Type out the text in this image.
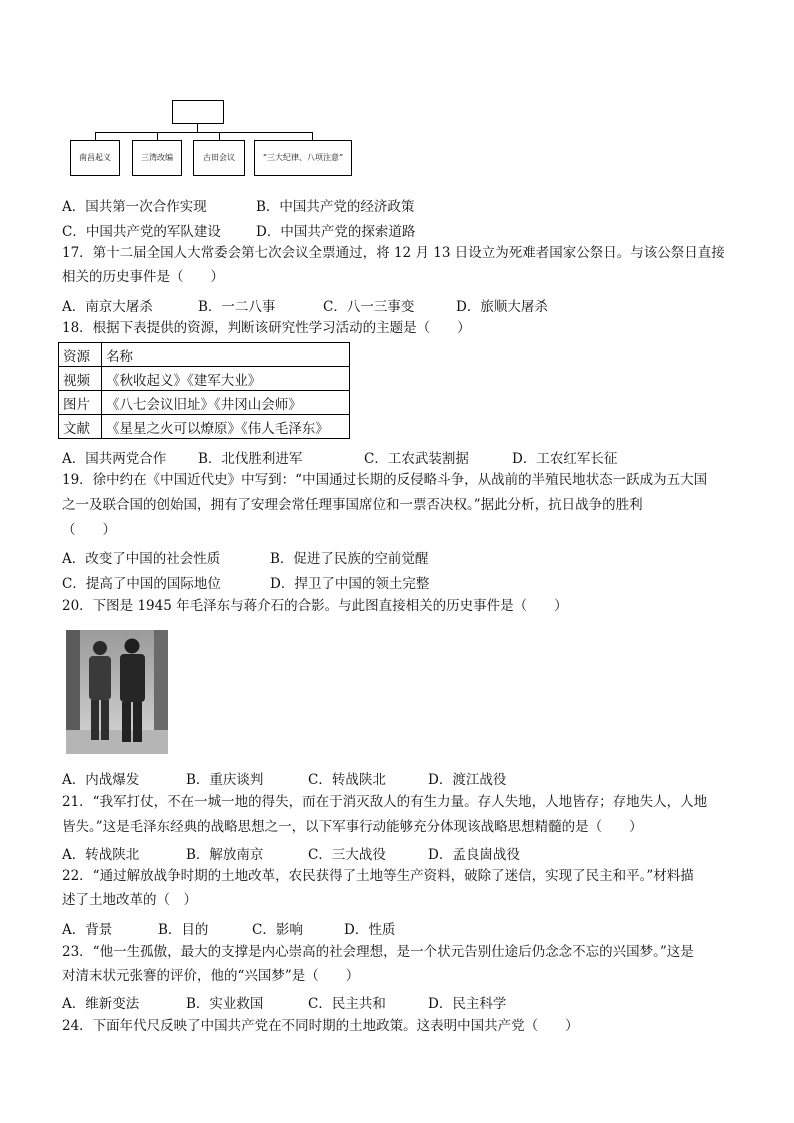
南昌起义	三湾改编	古田会议	“三大纪律、八项注意”
A．国共第一次合作实现	B．中国共产党的经济政策
C．中国共产党的军队建设	D．中国共产党的探索道路
17．第十二届全国人大常委会第七次会议全票通过，将 12 月 13 日设立为死难者国家公祭日。与该公祭日直接
相关的历史事件是（　　）
A．南京大屠杀	B．一二八事	C．八一三事变	D．旅顺大屠杀
18．根据下表提供的资源，判断该研究性学习活动的主题是（　　）
资源	名称
视频	《秋收起义》《建军大业》
图片	《八七会议旧址》《井冈山会师》
文献	《星星之火可以燎原》《伟人毛泽东》
A．国共两党合作 B．北伐胜利进军	C．工农武装割据	D．工农红军长征
19．徐中约在《中国近代史》中写到：“中国通过长期的反侵略斗争，从战前的半殖民地状态一跃成为五大国
之一及联合国的创始国，拥有了安理会常任理事国席位和一票否决权。”据此分析，抗日战争的胜利
（　　）
A．改变了中国的社会性质	B．促进了民族的空前觉醒
C．提高了中国的国际地位	D．捍卫了中国的领土完整
20．下图是 1945 年毛泽东与蒋介石的合影。与此图直接相关的历史事件是（　　）
A．内战爆发	B．重庆谈判	C．转战陕北	D．渡江战役
21．“我军打仗，不在一城一地的得失，而在于消灭敌人的有生力量。存人失地，人地皆存；存地失人，人地
皆失。”这是毛泽东经典的战略思想之一，以下军事行动能够充分体现该战略思想精髓的是（　　）
A．转战陕北	B．解放南京	C．三大战役	D．孟良崮战役
22．“通过解放战争时期的土地改革，农民获得了土地等生产资料，破除了迷信，实现了民主和平。”材料描
述了土地改革的（　）
A．背景	B．目的	C．影响	D．性质
23．“他一生孤傲，最大的支撑是内心崇高的社会理想，是一个状元告别仕途后仍念念不忘的兴国梦。”这是
对清末状元张謇的评价，他的“兴国梦”是（　　）
A．维新变法	B．实业救国	C．民主共和	D．民主科学
24．下面年代尺反映了中国共产党在不同时期的土地政策。这表明中国共产党（　　）
